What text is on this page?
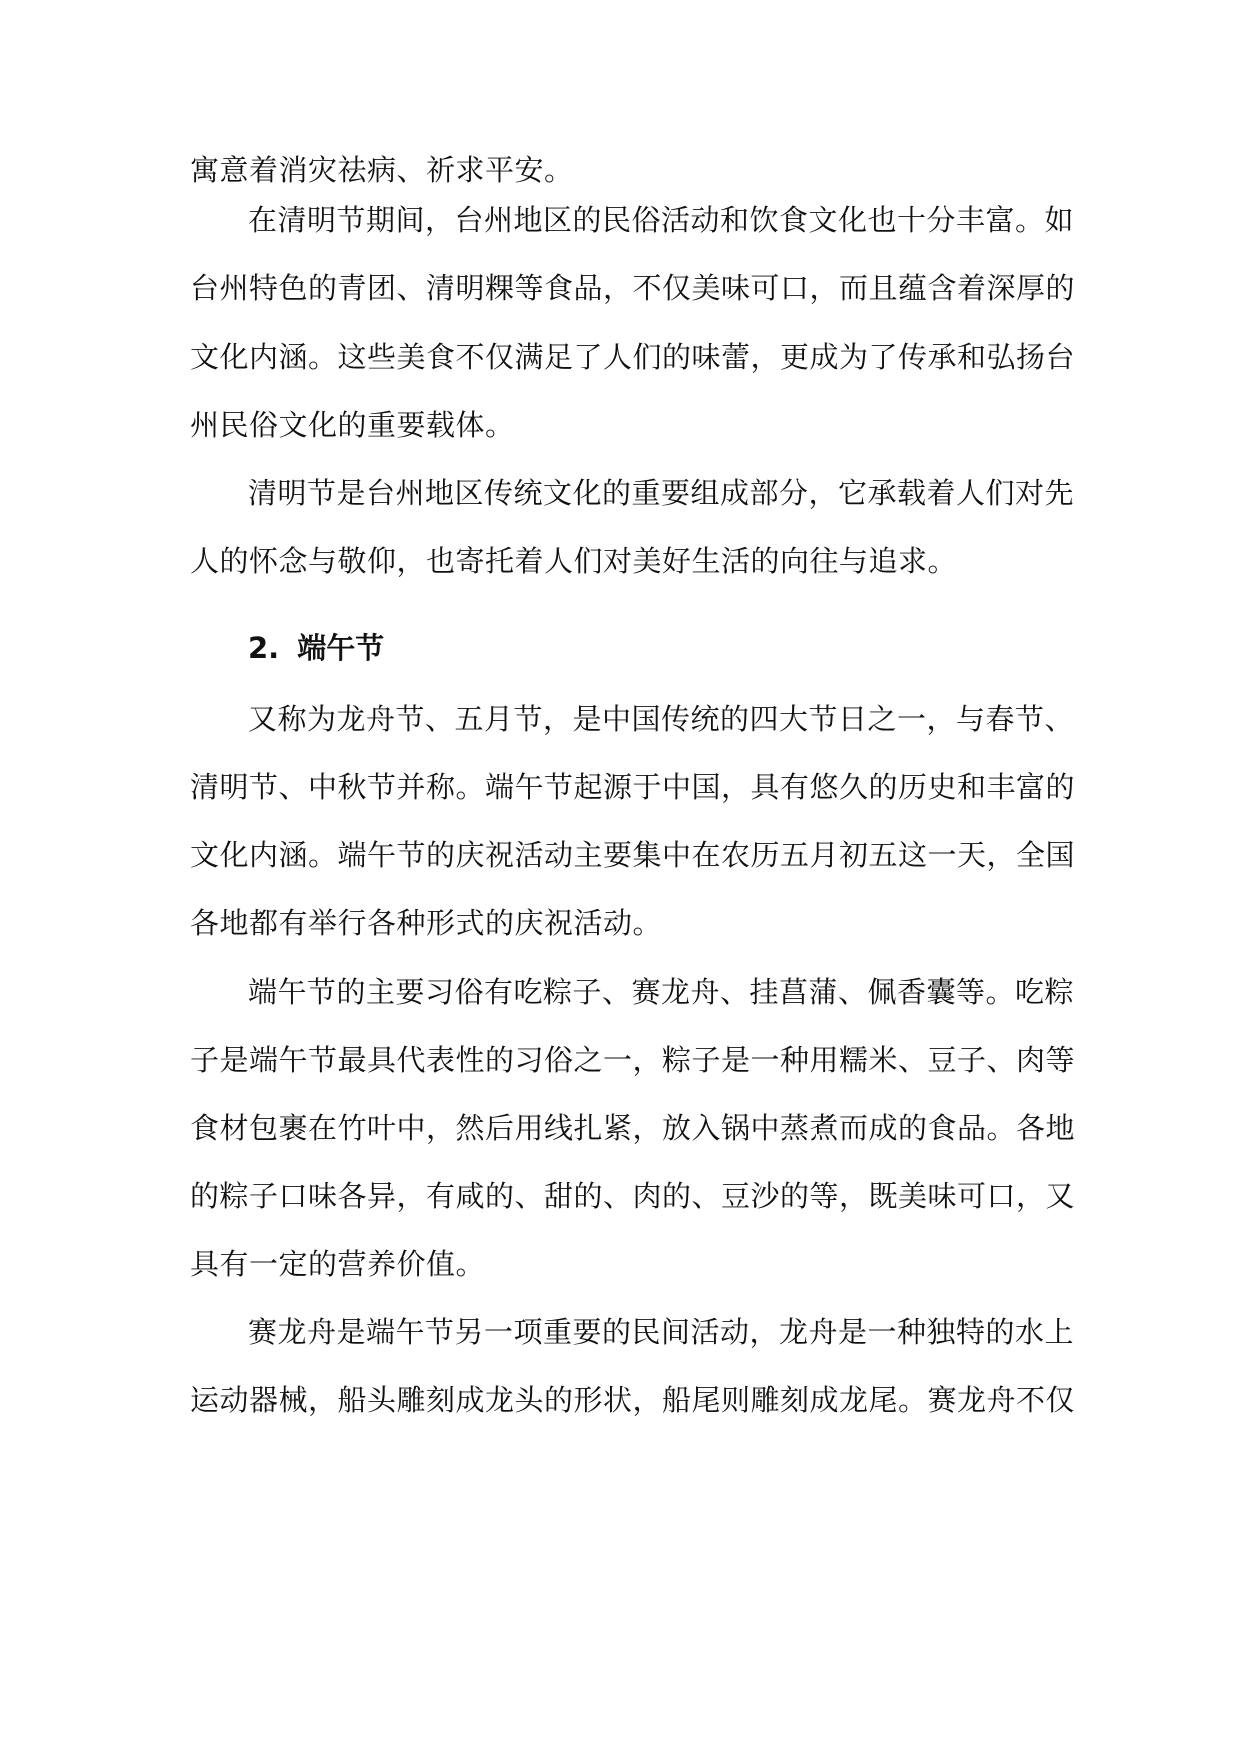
寓意着消灾祛病、祈求平安。
在清明节期间，台州地区的民俗活动和饮食文化也十分丰富。如
台州特色的青团、清明粿等食品，不仅美味可口，而且蕴含着深厚的
文化内涵。这些美食不仅满足了人们的味蕾，更成为了传承和弘扬台
州民俗文化的重要载体。
清明节是台州地区传统文化的重要组成部分，它承载着人们对先
人的怀念与敬仰，也寄托着人们对美好生活的向往与追求。
2. 端午节
又称为龙舟节、五月节，是中国传统的四大节日之一，与春节、
清明节、中秋节并称。端午节起源于中国，具有悠久的历史和丰富的
文化内涵。端午节的庆祝活动主要集中在农历五月初五这一天，全国
各地都有举行各种形式的庆祝活动。
端午节的主要习俗有吃粽子、赛龙舟、挂菖蒲、佩香囊等。吃粽
子是端午节最具代表性的习俗之一，粽子是一种用糯米、豆子、肉等
食材包裹在竹叶中，然后用线扎紧，放入锅中蒸煮而成的食品。各地
的粽子口味各异，有咸的、甜的、肉的、豆沙的等，既美味可口，又
具有一定的营养价值。
赛龙舟是端午节另一项重要的民间活动，龙舟是一种独特的水上
运动器械，船头雕刻成龙头的形状，船尾则雕刻成龙尾。赛龙舟不仅
